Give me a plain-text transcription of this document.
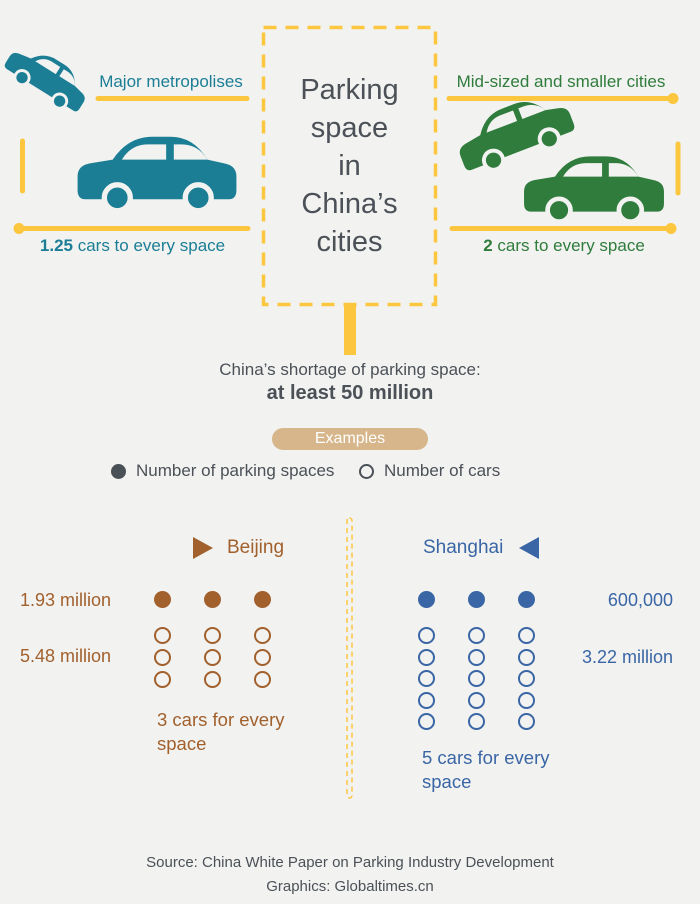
Parking
space
in
China’s
cities
Major metropolises	Mid-sized and smaller cities
1.25 cars to every space	2 cars to every space
China’s shortage of parking space:
at least 50 million
Examples
Number of parking spaces	Number of cars
Beijing
1.93 million
5.48 million
3 cars for every
space
Shanghai
600,000
3.22 million
5 cars for every
space
Source: China White Paper on Parking Industry Development
Graphics: Globaltimes.cn
